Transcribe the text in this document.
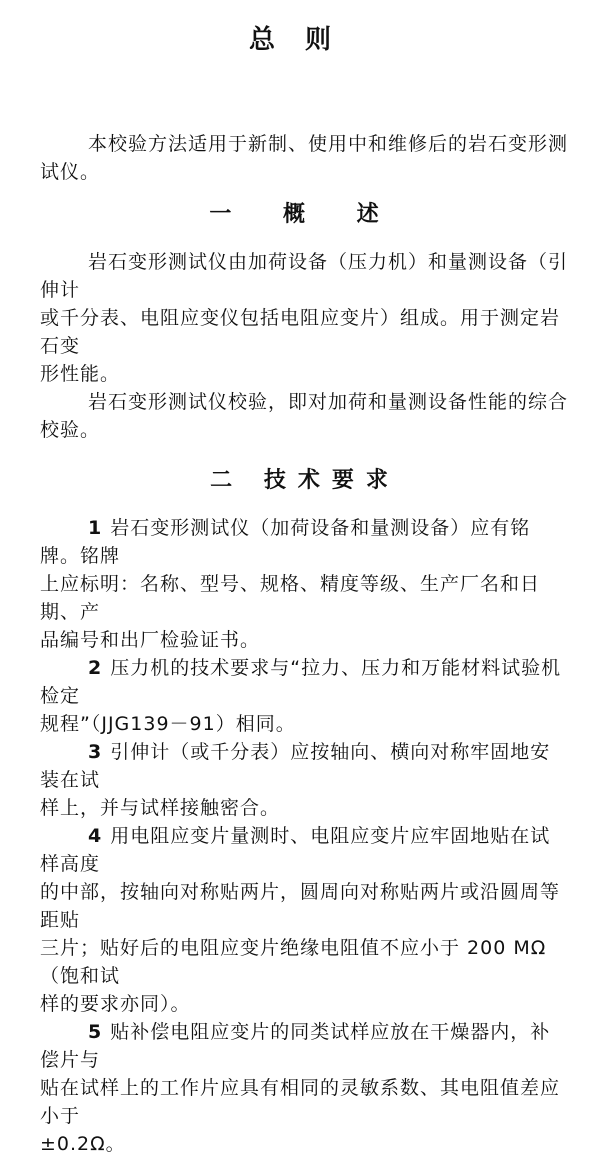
总则
本校验方法适用于新制、使用中和维修后的岩石变形测试仪。
一 概 述
岩石变形测试仪由加荷设备（压力机）和量测设备（引伸计
或千分表、电阻应变仪包括电阻应变片）组成。用于测定岩石变
形性能。
岩石变形测试仪校验，即对加荷和量测设备性能的综合校验。
二 技术要求
1 岩石变形测试仪（加荷设备和量测设备）应有铭牌。铭牌
上应标明：名称、型号、规格、精度等级、生产厂名和日期、产
品编号和出厂检验证书。
2 压力机的技术要求与“拉力、压力和万能材料试验机检定
规程”（JJG139－91）相同。
3 引伸计（或千分表）应按轴向、横向对称牢固地安装在试
样上，并与试样接触密合。
4 用电阻应变片量测时、电阻应变片应牢固地贴在试样高度
的中部，按轴向对称贴两片，圆周向对称贴两片或沿圆周等距贴
三片；贴好后的电阻应变片绝缘电阻值不应小于 200 MΩ（饱和试
样的要求亦同）。
5 贴补偿电阻应变片的同类试样应放在干燥器内，补偿片与
贴在试样上的工作片应具有相同的灵敏系数、其电阻值差应小于
±0.2Ω。
